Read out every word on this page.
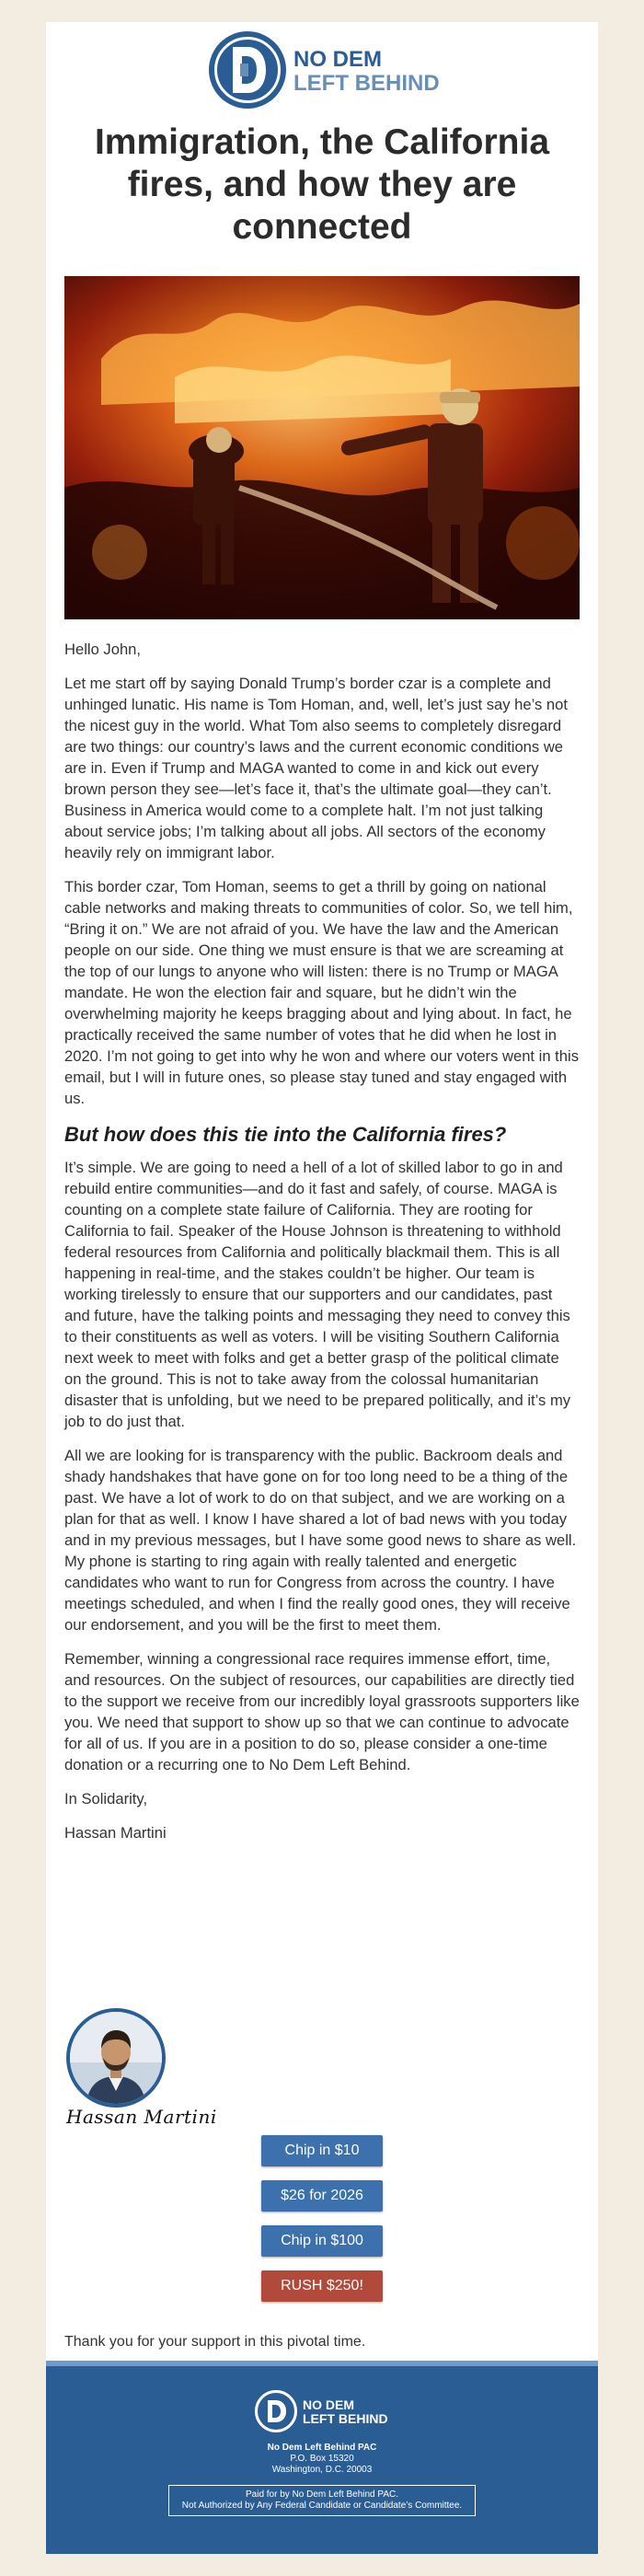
NO DEM
LEFT BEHIND
Immigration, the California fires, and how they are connected

Hello John,

Let me start off by saying Donald Trump’s border czar is a complete and unhinged lunatic. His name is Tom Homan, and, well, let’s just say he’s not the nicest guy in the world. What Tom also seems to completely disregard are two things: our country’s laws and the current economic conditions we are in. Even if Trump and MAGA wanted to come in and kick out every brown person they see—let’s face it, that’s the ultimate goal—they can’t. Business in America would come to a complete halt. I’m not just talking about service jobs; I’m talking about all jobs. All sectors of the economy heavily rely on immigrant labor.

This border czar, Tom Homan, seems to get a thrill by going on national cable networks and making threats to communities of color. So, we tell him, “Bring it on.” We are not afraid of you. We have the law and the American people on our side. One thing we must ensure is that we are screaming at the top of our lungs to anyone who will listen: there is no Trump or MAGA mandate. He won the election fair and square, but he didn’t win the overwhelming majority he keeps bragging about and lying about. In fact, he practically received the same number of votes that he did when he lost in 2020. I’m not going to get into why he won and where our voters went in this email, but I will in future ones, so please stay tuned and stay engaged with us.

But how does this tie into the California fires?

It’s simple. We are going to need a hell of a lot of skilled labor to go in and rebuild entire communities—and do it fast and safely, of course. MAGA is counting on a complete state failure of California. They are rooting for California to fail. Speaker of the House Johnson is threatening to withhold federal resources from California and politically blackmail them. This is all happening in real-time, and the stakes couldn’t be higher. Our team is working tirelessly to ensure that our supporters and our candidates, past and future, have the talking points and messaging they need to convey this to their constituents as well as voters. I will be visiting Southern California next week to meet with folks and get a better grasp of the political climate on the ground. This is not to take away from the colossal humanitarian disaster that is unfolding, but we need to be prepared politically, and it’s my job to do just that.

All we are looking for is transparency with the public. Backroom deals and shady handshakes that have gone on for too long need to be a thing of the past. We have a lot of work to do on that subject, and we are working on a plan for that as well. I know I have shared a lot of bad news with you today and in my previous messages, but I have some good news to share as well. My phone is starting to ring again with really talented and energetic candidates who want to run for Congress from across the country. I have meetings scheduled, and when I find the really good ones, they will receive our endorsement, and you will be the first to meet them.

Remember, winning a congressional race requires immense effort, time, and resources. On the subject of resources, our capabilities are directly tied to the support we receive from our incredibly loyal grassroots supporters like you. We need that support to show up so that we can continue to advocate for all of us. If you are in a position to do so, please consider a one-time donation or a recurring one to No Dem Left Behind.

In Solidarity,

Hassan Martini

Hassan Martini
Chip in $10
$26 for 2026
Chip in $100
RUSH $250!
Thank you for your support in this pivotal time.
NO DEM
LEFT BEHIND
No Dem Left Behind PAC
P.O. Box 15320
Washington, D.C. 20003
Paid for by No Dem Left Behind PAC.
Not Authorized by Any Federal Candidate or Candidate’s Committee.
